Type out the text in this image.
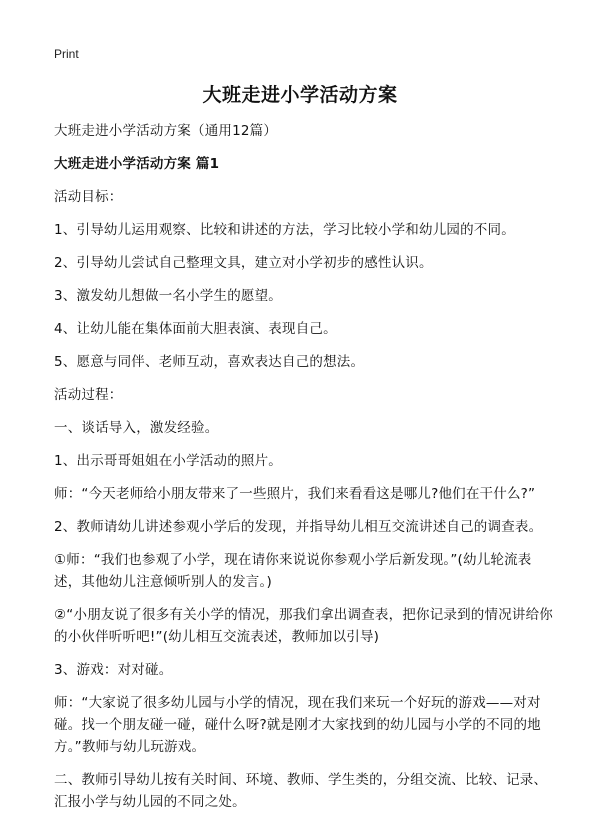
Print
大班走进小学活动方案

大班走进小学活动方案（通用12篇）

大班走进小学活动方案 篇1

活动目标：

1、引导幼儿运用观察、比较和讲述的方法，学习比较小学和幼儿园的不同。

2、引导幼儿尝试自己整理文具，建立对小学初步的感性认识。

3、激发幼儿想做一名小学生的愿望。

4、让幼儿能在集体面前大胆表演、表现自己。

5、愿意与同伴、老师互动，喜欢表达自己的想法。

活动过程：

一、谈话导入，激发经验。

1、出示哥哥姐姐在小学活动的照片。

师：“今天老师给小朋友带来了一些照片，我们来看看这是哪儿?他们在干什么?”

2、教师请幼儿讲述参观小学后的发现，并指导幼儿相互交流讲述自己的调查表。

①师：“我们也参观了小学，现在请你来说说你参观小学后新发现。”(幼儿轮流表述，其他幼儿注意倾听别人的发言。)

②“小朋友说了很多有关小学的情况，那我们拿出调查表，把你记录到的情况讲给你的小伙伴听听吧!”(幼儿相互交流表述，教师加以引导)

3、游戏：对对碰。

师：“大家说了很多幼儿园与小学的情况，现在我们来玩一个好玩的游戏——对对碰。找一个朋友碰一碰，碰什么呀?就是刚才大家找到的幼儿园与小学的不同的地方。”教师与幼儿玩游戏。

二、教师引导幼儿按有关时间、环境、教师、学生类的，分组交流、比较、记录、汇报小学与幼儿园的不同之处。
